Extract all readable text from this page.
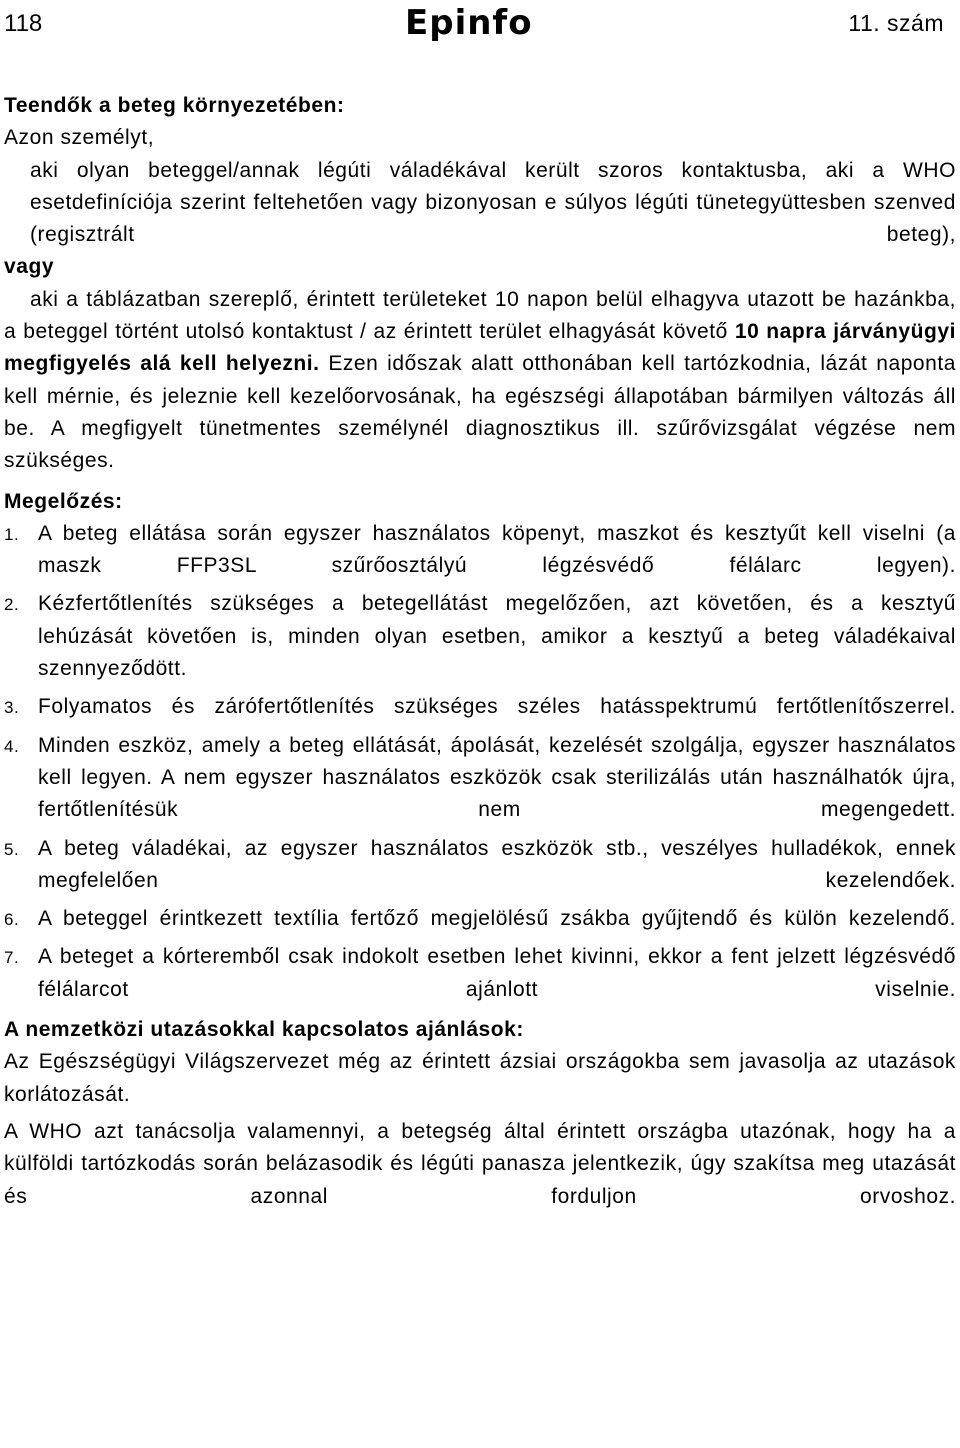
118	Epinfo	11. szám

Teendők a beteg környezetében:

Azon személyt,

aki olyan beteggel/annak légúti váladékával került szoros kontaktusba, aki a WHO esetdefiníciója szerint feltehetően vagy bizonyosan e súlyos légúti tünetegyüttesben szenved (regisztrált beteg),

vagy

aki a táblázatban szereplő, érintett területeket 10 napon belül elhagyva utazott be hazánkba,

a beteggel történt utolsó kontaktust / az érintett terület elhagyását követő 10 napra járványügyi megfigyelés alá kell helyezni. Ezen időszak alatt otthonában kell tartózkodnia, lázát naponta kell mérnie, és jeleznie kell kezelőorvosának, ha egészségi állapotában bármilyen változás áll be. A megfigyelt tünetmentes személynél diagnosztikus ill. szűrővizsgálat végzése nem szükséges.

Megelőzés:

1. A beteg ellátása során egyszer használatos köpenyt, maszkot és kesztyűt kell viselni (a maszk FFP3SL szűrőosztályú légzésvédő félálarc legyen).
2. Kézfertőtlenítés szükséges a betegellátást megelőzően, azt követően, és a kesztyű lehúzását követően is, minden olyan esetben, amikor a kesztyű a beteg váladékaival szennyeződött.
3. Folyamatos és zárófertőtlenítés szükséges széles hatásspektrumú fertőtlenítőszerrel.
4. Minden eszköz, amely a beteg ellátását, ápolását, kezelését szolgálja, egyszer használatos kell legyen. A nem egyszer használatos eszközök csak sterilizálás után használhatók újra, fertőtlenítésük nem megengedett.
5. A beteg váladékai, az egyszer használatos eszközök stb., veszélyes hulladékok, ennek megfelelően kezelendőek.
6. A beteggel érintkezett textília fertőző megjelölésű zsákba gyűjtendő és külön kezelendő.
7. A beteget a kórteremből csak indokolt esetben lehet kivinni, ekkor a fent jelzett légzésvédő félálarcot ajánlott viselnie.

A nemzetközi utazásokkal kapcsolatos ajánlások:

Az Egészségügyi Világszervezet még az érintett ázsiai országokba sem javasolja az utazások korlátozását.

A WHO azt tanácsolja valamennyi, a betegség által érintett országba utazónak, hogy ha a külföldi tartózkodás során belázasodik és légúti panasza jelentkezik, úgy szakítsa meg utazását és azonnal forduljon orvoshoz.
